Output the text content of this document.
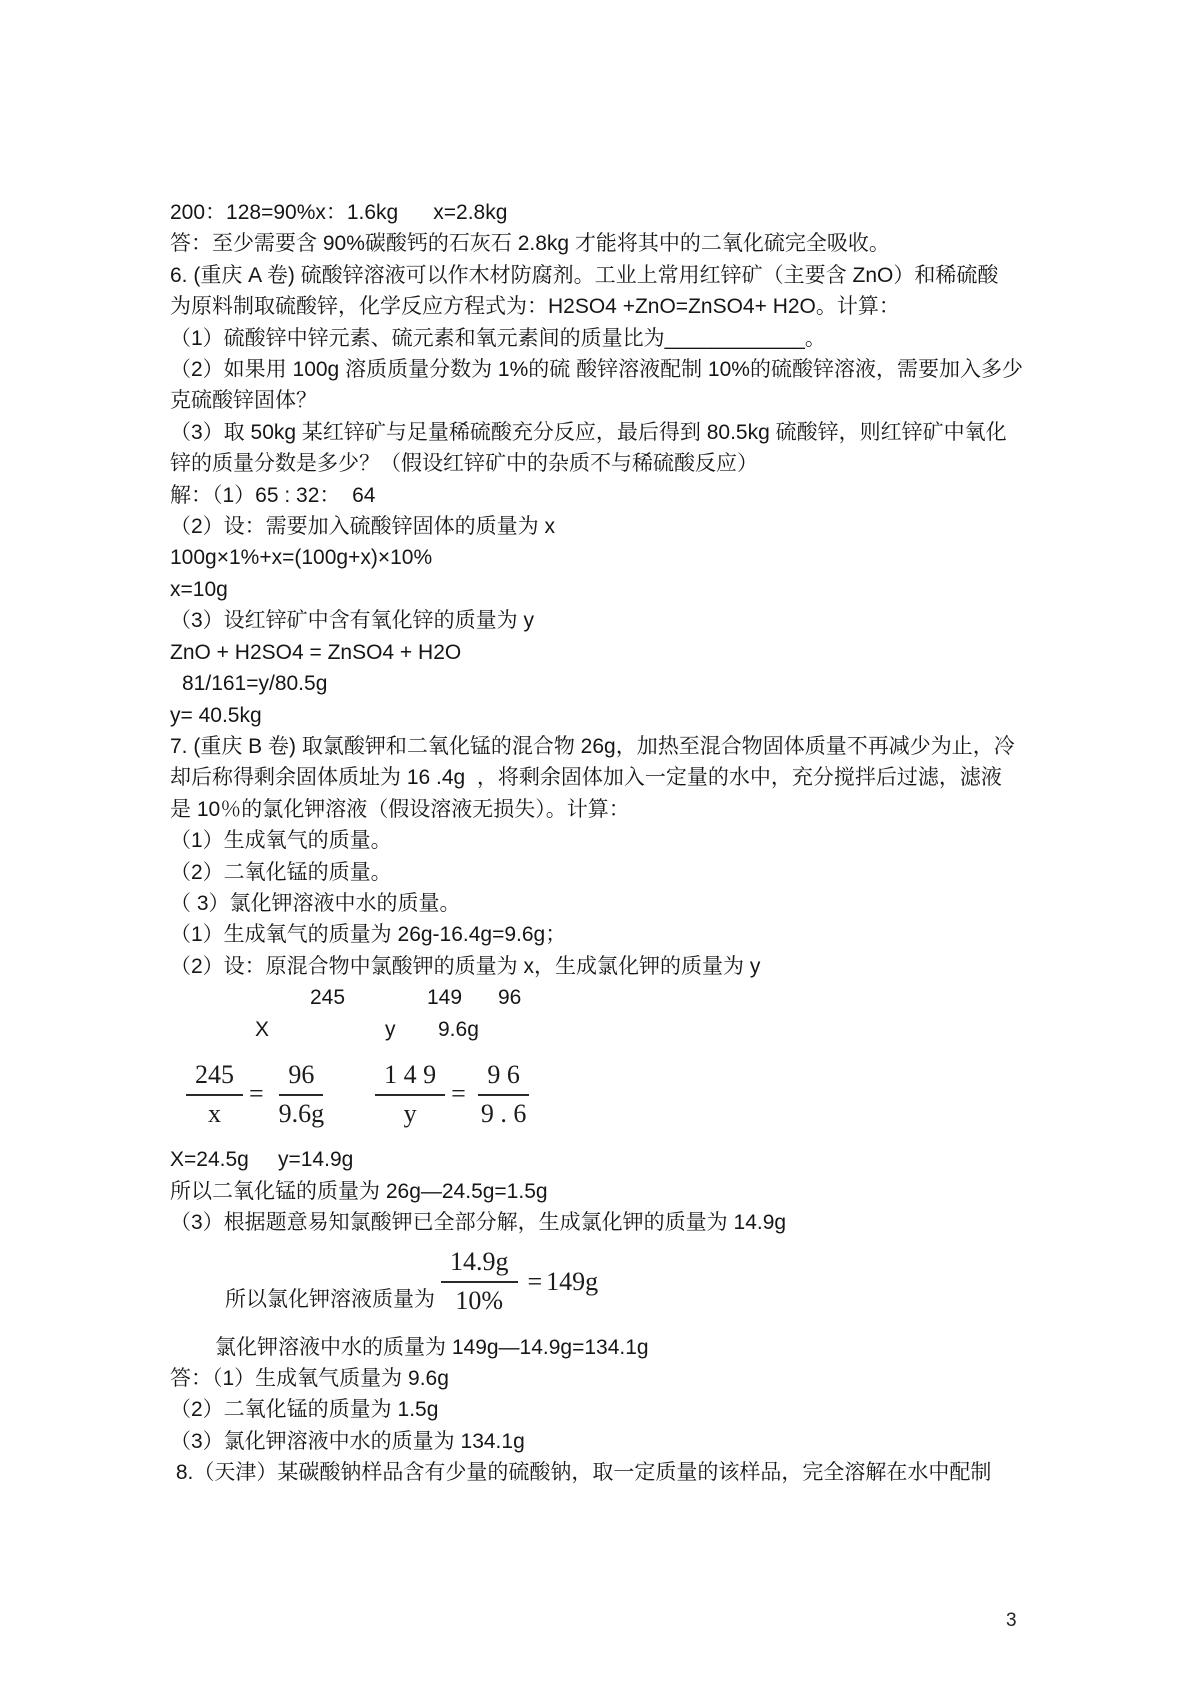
200：128=90%x：1.6kg      x=2.8kg

答：至少需要含 90%碳酸钙的石灰石 2.8kg 才能将其中的二氧化硫完全吸收。

6. (重庆 A 卷) 硫酸锌溶液可以作木材防腐剂。工业上常用红锌矿（主要含 ZnO）和稀硫酸

为原料制取硫酸锌，化学反应方程式为：H2SO4 +ZnO=ZnSO4+ H2O。计算：

（1）硫酸锌中锌元素、硫元素和氧元素间的质量比为____________。

（2）如果用 100g 溶质质量分数为 1%的硫 酸锌溶液配制 10%的硫酸锌溶液，需要加入多少

克硫酸锌固体？

（3）取 50kg 某红锌矿与足量稀硫酸充分反应，最后得到 80.5kg 硫酸锌，则红锌矿中氧化

锌的质量分数是多少？（假设红锌矿中的杂质不与稀硫酸反应）

解：（1）65 : 32：  64

（2）设：需要加入硫酸锌固体的质量为 x

100g×1%+x=(100g+x)×10%

x=10g

（3）设红锌矿中含有氧化锌的质量为 y

ZnO + H2SO4 = ZnSO4 + H2O

81/161=y/80.5g

y= 40.5kg

7. (重庆 B 卷) 取氯酸钾和二氧化锰的混合物 26g，加热至混合物固体质量不再减少为止，冷

却后称得剩余固体质址为 16 .4g  ，将剩余固体加入一定量的水中，充分搅拌后过滤，滤液

是 10％的氯化钾溶液（假设溶液无损失）。计算：

（1）生成氧气的质量。

（2）二氧化锰的质量。

（ 3）氯化钾溶液中水的质量。

（1）生成氧气的质量为 26g-16.4g=9.6g；

（2）设：原混合物中氯酸钾的质量为 x，生成氯化钾的质量为 y

245	149 96
X	y 9.6g
$\frac{245}{x} = \frac{96}{9.6g} \frac{1 4 9}{y} = \frac{9 6}{9 . 6}$

X=24.5g     y=14.9g

所以二氧化锰的质量为 26g—24.5g=1.5g

（3）根据题意易知氯酸钾已全部分解，生成氯化钾的质量为 14.9g

所以氯化钾溶液质量为 $\frac{14.9g}{10\%} = 149g$

氯化钾溶液中水的质量为 149g—14.9g=134.1g

答：（1）生成氧气质量为 9.6g

（2）二氧化锰的质量为 1.5g

（3）氯化钾溶液中水的质量为 134.1g

8.（天津）某碳酸钠样品含有少量的硫酸钠，取一定质量的该样品，完全溶解在水中配制

3
